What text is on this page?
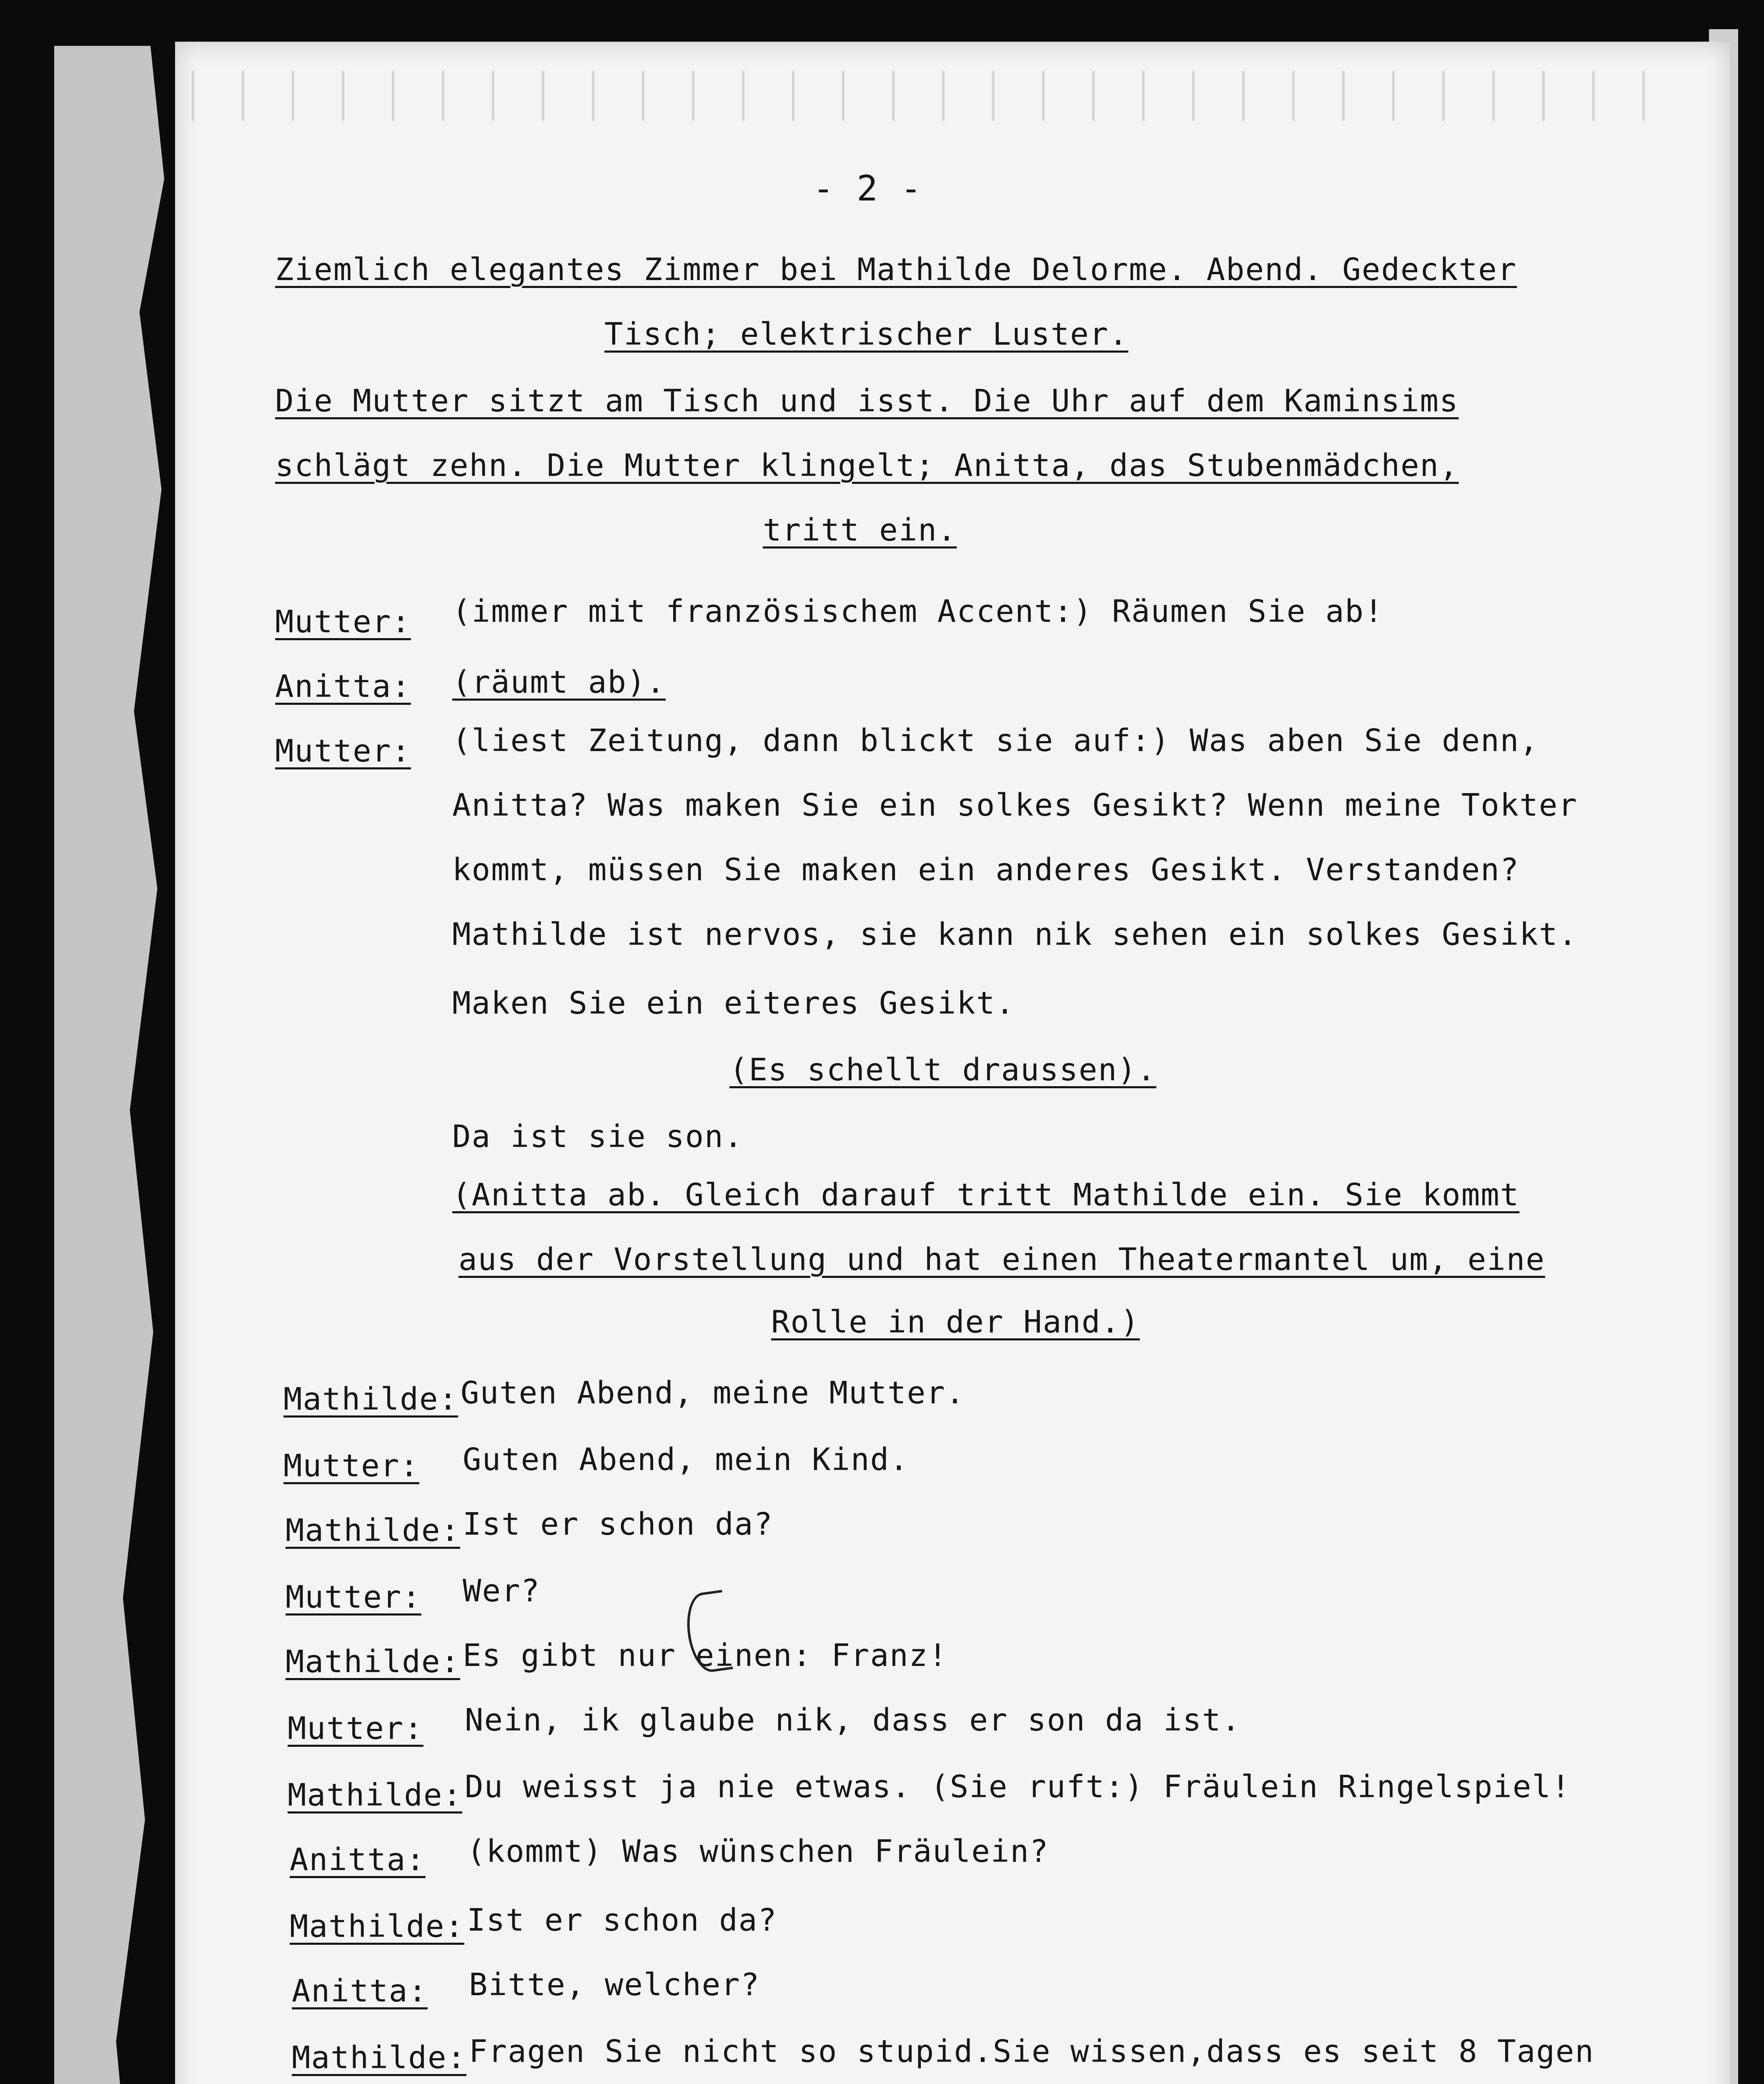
- 2 -

Ziemlich elegantes Zimmer bei Mathilde Delorme. Abend. Gedeckter

Tisch; elektrischer Luster.

Die Mutter sitzt am Tisch und isst. Die Uhr auf dem Kaminsims

schlägt zehn. Die Mutter klingelt; Anitta, das Stubenmädchen,

tritt ein.

Mutter: (immer mit französischem Accent:) Räumen Sie ab!

Anitta: (räumt ab).

Mutter: (liest Zeitung, dann blickt sie auf:) Was aben Sie denn,

Anitta? Was maken Sie ein solkes Gesikt? Wenn meine Tokter

kommt, müssen Sie maken ein anderes Gesikt. Verstanden?

Mathilde ist nervos, sie kann nik sehen ein solkes Gesikt.

Maken Sie ein eiteres Gesikt.

(Es schellt draussen).

Da ist sie son.

(Anitta ab. Gleich darauf tritt Mathilde ein. Sie kommt

aus der Vorstellung und hat einen Theatermantel um, eine

Rolle in der Hand.)

Mathilde: Guten Abend, meine Mutter.

Mutter: Guten Abend, mein Kind.

Mathilde: Ist er schon da?

Mutter: Wer?

Mathilde: Es gibt nur einen: Franz!

Mutter: Nein, ik glaube nik, dass er son da ist.

Mathilde: Du weisst ja nie etwas. (Sie ruft:) Fräulein Ringelspiel!

Anitta: (kommt) Was wünschen Fräulein?

Mathilde: Ist er schon da?

Anitta: Bitte, welcher?

Mathilde: Fragen Sie nicht so stupid.Sie wissen,dass es seit 8 Tagen
